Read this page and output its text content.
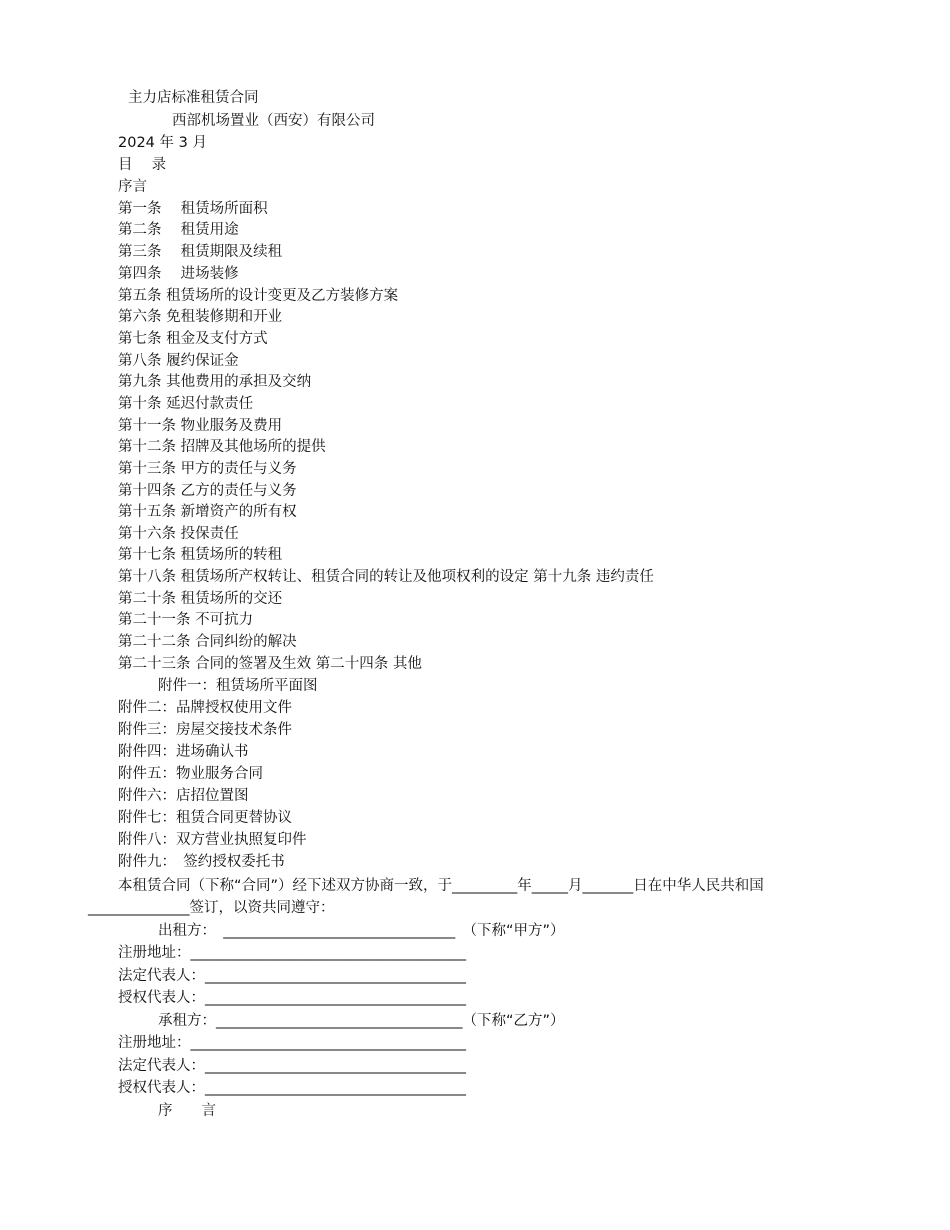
主力店标准租赁合同
西部机场置业（西安）有限公司
2024 年 3 月
目　 录
序言
第一条　 租赁场所面积
第二条　 租赁用途
第三条　 租赁期限及续租
第四条　 进场装修
第五条 租赁场所的设计变更及乙方装修方案
第六条 免租装修期和开业
第七条 租金及支付方式
第八条 履约保证金
第九条 其他费用的承担及交纳
第十条 延迟付款责任
第十一条 物业服务及费用
第十二条 招牌及其他场所的提供
第十三条 甲方的责任与义务
第十四条 乙方的责任与义务
第十五条 新增资产的所有权
第十六条 投保责任
第十七条 租赁场所的转租
第十八条 租赁场所产权转让、租赁合同的转让及他项权利的设定 第十九条 违约责任
第二十条 租赁场所的交还
第二十一条 不可抗力
第二十二条 合同纠纷的解决
第二十三条 合同的签署及生效 第二十四条 其他
附件一：租赁场所平面图
附件二：品牌授权使用文件
附件三：房屋交接技术条件
附件四：进场确认书
附件五：物业服务合同
附件六：店招位置图
附件七：租赁合同更替协议
附件八：双方营业执照复印件
附件九：　签约授权委托书
本租赁合同（下称“合同”）经下述双方协商一致，于_________年_____月_______日在中华人民共和国
______________签订，以资共同遵守：
出租方：　________________________________　（下称“甲方”）
注册地址：______________________________________
法定代表人：____________________________________
授权代表人：____________________________________
承租方：__________________________________（下称“乙方”）
注册地址：______________________________________
法定代表人：____________________________________
授权代表人：____________________________________
序　　言
